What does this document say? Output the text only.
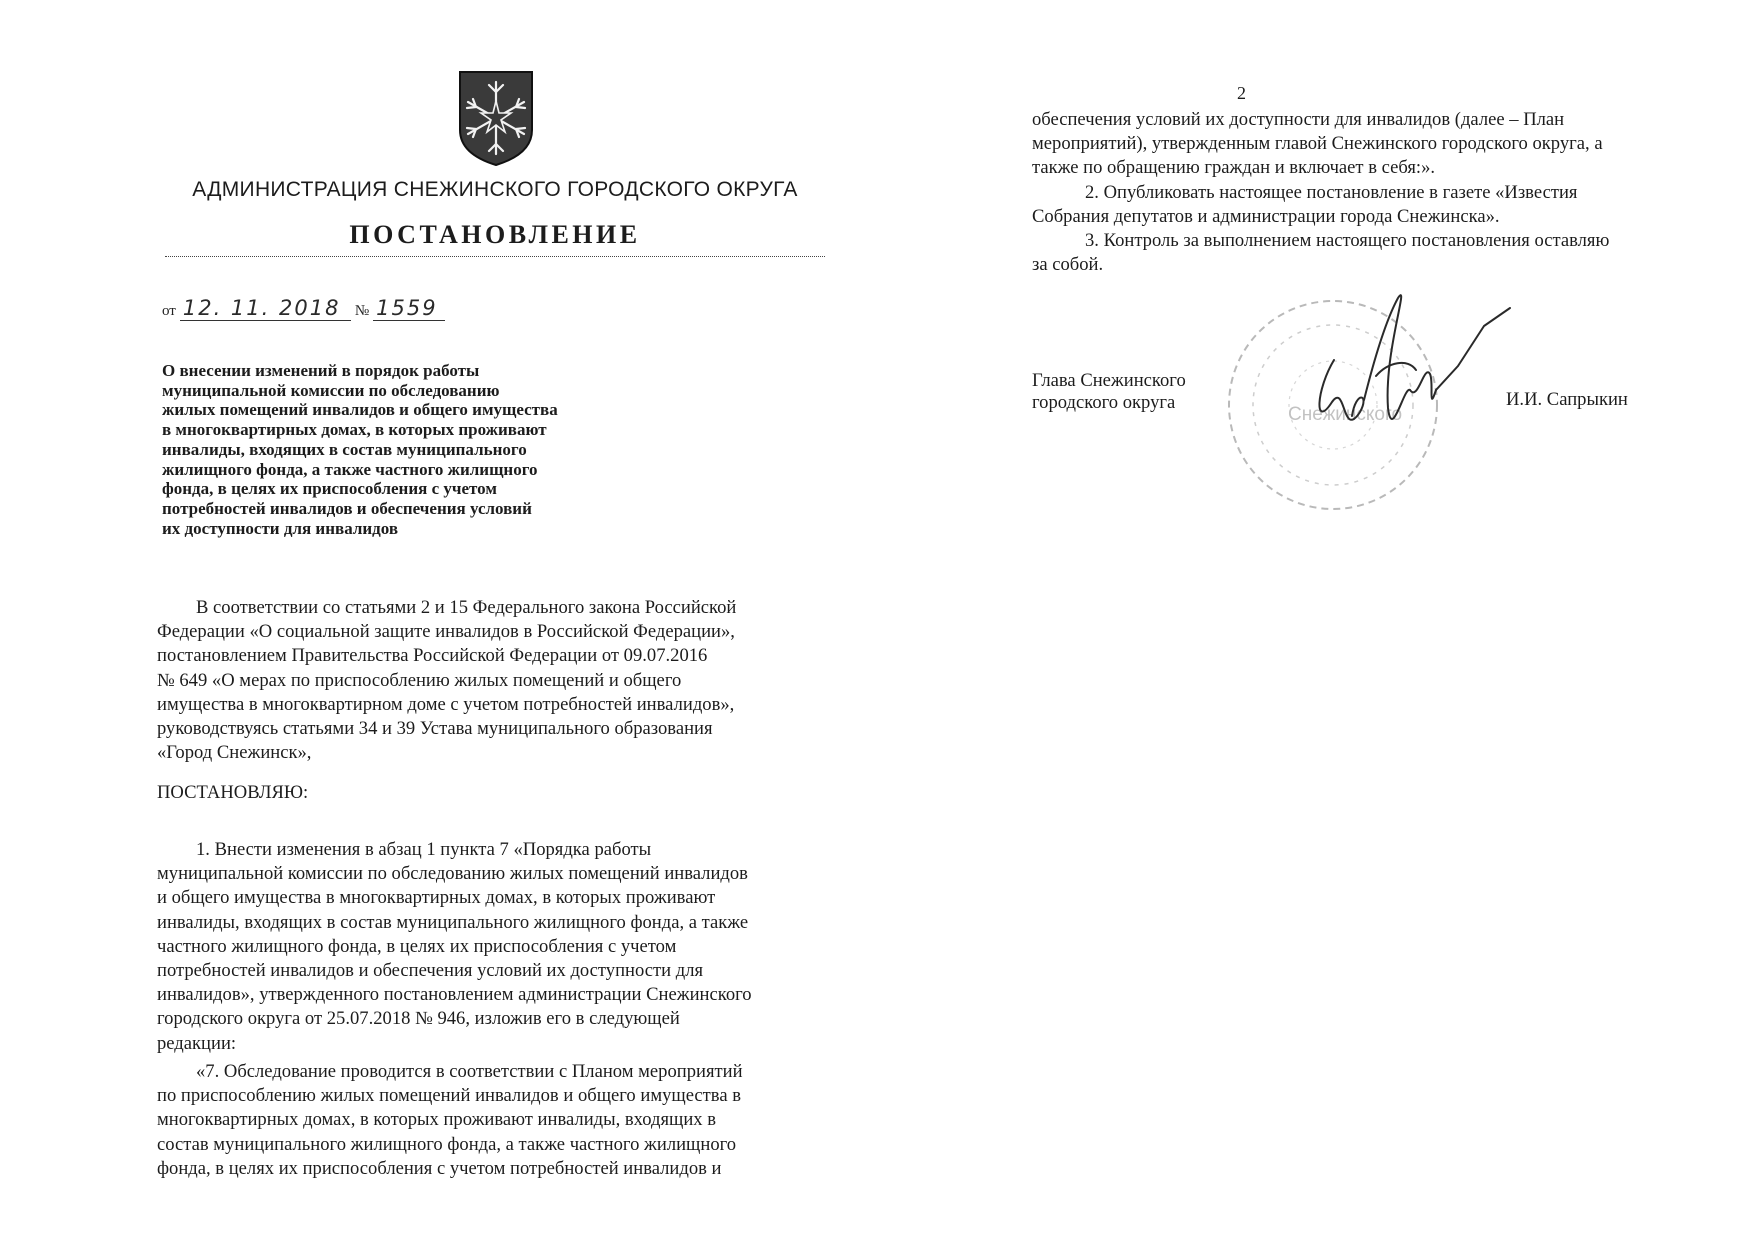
АДМИНИСТРАЦИЯ СНЕЖИНСКОГО ГОРОДСКОГО ОКРУГА
ПОСТАНОВЛЕНИЕ
от 12. 11. 2018 № 1559
О внесении изменений в порядок работы
муниципальной комиссии по обследованию
жилых помещений инвалидов и общего имущества
в многоквартирных домах, в которых проживают
инвалиды, входящих в состав муниципального
жилищного фонда, а также частного жилищного
фонда, в целях их приспособления с учетом
потребностей инвалидов и обеспечения условий
их доступности для инвалидов
В соответствии со статьями 2 и 15 Федерального закона Российской
Федерации «О социальной защите инвалидов в Российской Федерации»,
постановлением Правительства Российской Федерации от 09.07.2016
№ 649 «О мерах по приспособлению жилых помещений и общего
имущества в многоквартирном доме с учетом потребностей инвалидов»,
руководствуясь статьями 34 и 39 Устава муниципального образования
«Город Снежинск»,
ПОСТАНОВЛЯЮ:
1. Внести изменения в абзац 1 пункта 7 «Порядка работы
муниципальной комиссии по обследованию жилых помещений инвалидов
и общего имущества в многоквартирных домах, в которых проживают
инвалиды, входящих в состав муниципального жилищного фонда, а также
частного жилищного фонда, в целях их приспособления с учетом
потребностей инвалидов и обеспечения условий их доступности для
инвалидов», утвержденного постановлением администрации Снежинского
городского округа от 25.07.2018 № 946, изложив его в следующей
редакции:
«7. Обследование проводится в соответствии с Планом мероприятий
по приспособлению жилых помещений инвалидов и общего имущества в
многоквартирных домах, в которых проживают инвалиды, входящих в
состав муниципального жилищного фонда, а также частного жилищного
фонда, в целях их приспособления с учетом потребностей инвалидов и
2
обеспечения условий их доступности для инвалидов (далее – План
мероприятий), утвержденным главой Снежинского городского округа, а
также по обращению граждан и включает в себя:».
2. Опубликовать настоящее постановление в газете «Известия
Собрания депутатов и администрации города Снежинска».
3. Контроль за выполнением настоящего постановления оставляю
за собой.
Глава Снежинского
городского округа
Снежинского
И.И. Сапрыкин
